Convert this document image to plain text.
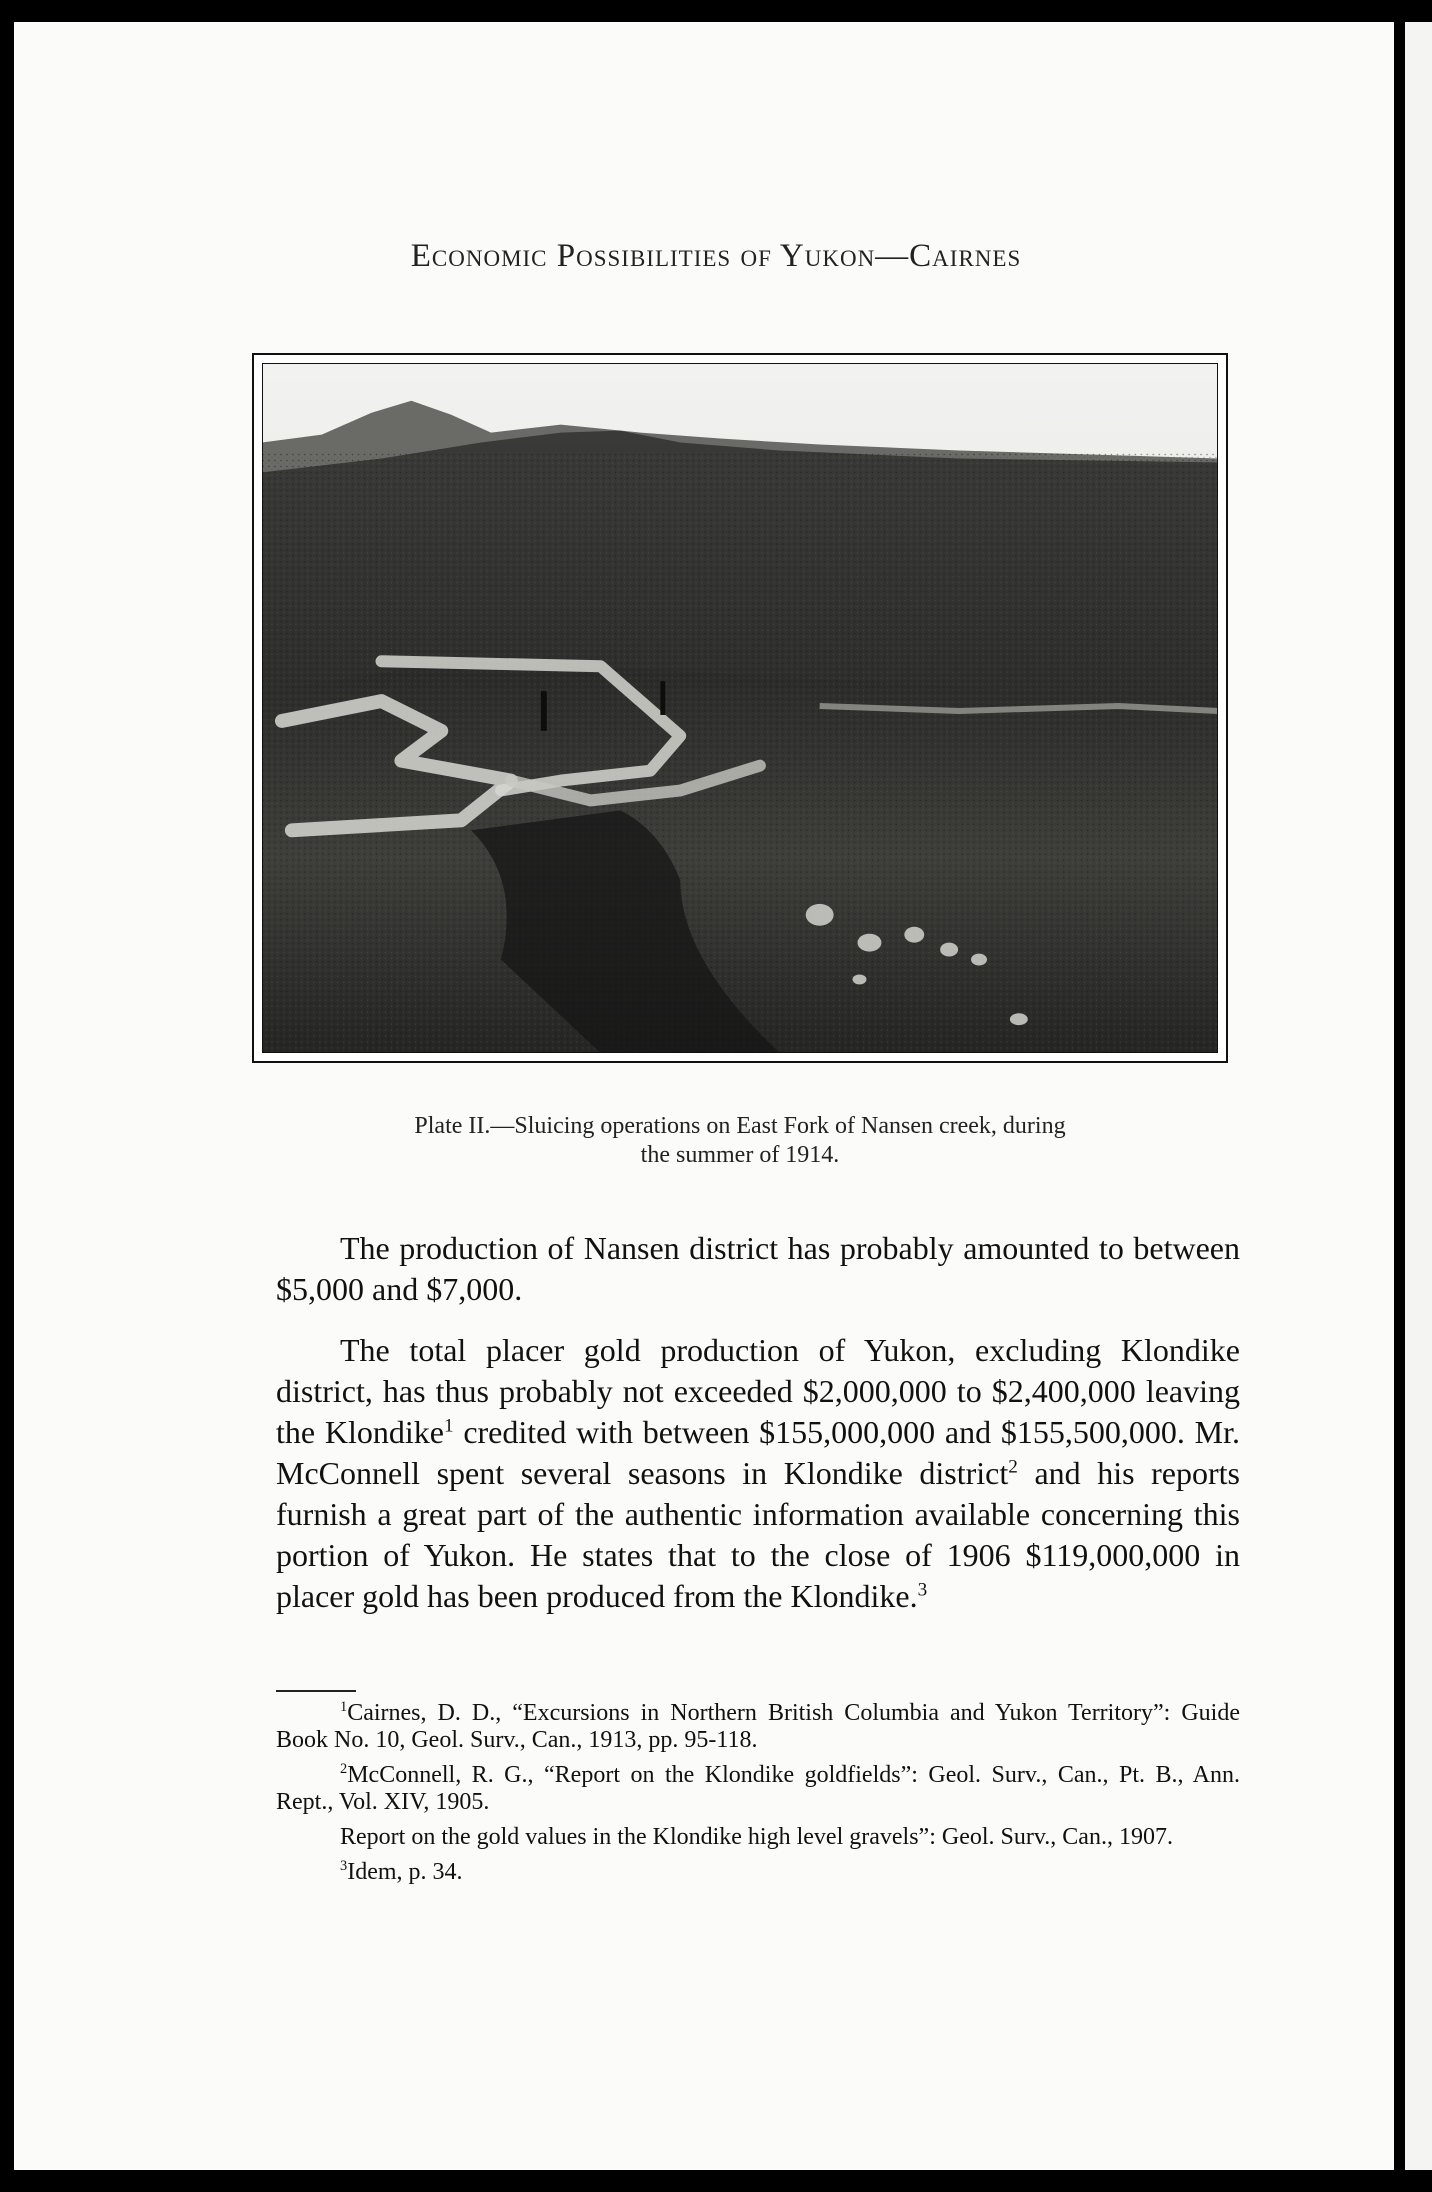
Economic Possibilities of Yukon—Cairnes
Plate II.—Sluicing operations on East Fork of Nansen creek, during
the summer of 1914.

The production of Nansen district has probably amounted to between $5,000 and $7,000.

The total placer gold production of Yukon, excluding Klondike district, has thus probably not exceeded $2,000,000 to $2,400,000 leaving the Klondike$^1$ credited with between $155,000,000 and $155,500,000. Mr. McConnell spent several seasons in Klondike district$^2$ and his reports furnish a great part of the authentic information available concerning this portion of Yukon. He states that to the close of 1906 $119,000,000 in placer gold has been produced from the Klondike.$^3$

$^1$Cairnes, D. D., “Excursions in Northern British Columbia and Yukon Territory”: Guide Book No. 10, Geol. Surv., Can., 1913, pp. 95-118.

$^2$McConnell, R. G., “Report on the Klondike goldfields”: Geol. Surv., Can., Pt. B., Ann. Rept., Vol. XIV, 1905.

Report on the gold values in the Klondike high level gravels”: Geol. Surv., Can., 1907.

$^3$Idem, p. 34.
